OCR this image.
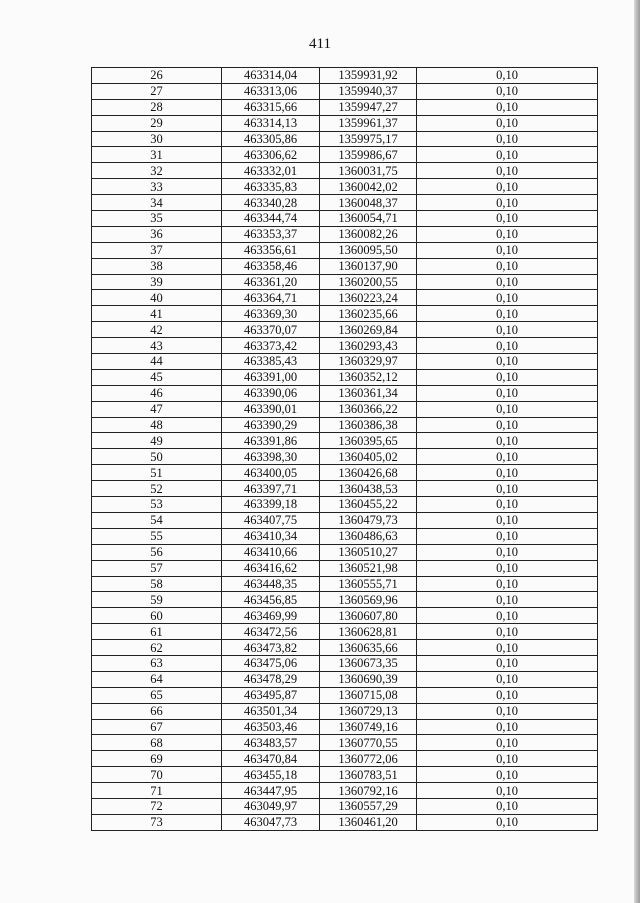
411
26	463314,04	1359931,92	0,10
27	463313,06	1359940,37	0,10
28	463315,66	1359947,27	0,10
29	463314,13	1359961,37	0,10
30	463305,86	1359975,17	0,10
31	463306,62	1359986,67	0,10
32	463332,01	1360031,75	0,10
33	463335,83	1360042,02	0,10
34	463340,28	1360048,37	0,10
35	463344,74	1360054,71	0,10
36	463353,37	1360082,26	0,10
37	463356,61	1360095,50	0,10
38	463358,46	1360137,90	0,10
39	463361,20	1360200,55	0,10
40	463364,71	1360223,24	0,10
41	463369,30	1360235,66	0,10
42	463370,07	1360269,84	0,10
43	463373,42	1360293,43	0,10
44	463385,43	1360329,97	0,10
45	463391,00	1360352,12	0,10
46	463390,06	1360361,34	0,10
47	463390,01	1360366,22	0,10
48	463390,29	1360386,38	0,10
49	463391,86	1360395,65	0,10
50	463398,30	1360405,02	0,10
51	463400,05	1360426,68	0,10
52	463397,71	1360438,53	0,10
53	463399,18	1360455,22	0,10
54	463407,75	1360479,73	0,10
55	463410,34	1360486,63	0,10
56	463410,66	1360510,27	0,10
57	463416,62	1360521,98	0,10
58	463448,35	1360555,71	0,10
59	463456,85	1360569,96	0,10
60	463469,99	1360607,80	0,10
61	463472,56	1360628,81	0,10
62	463473,82	1360635,66	0,10
63	463475,06	1360673,35	0,10
64	463478,29	1360690,39	0,10
65	463495,87	1360715,08	0,10
66	463501,34	1360729,13	0,10
67	463503,46	1360749,16	0,10
68	463483,57	1360770,55	0,10
69	463470,84	1360772,06	0,10
70	463455,18	1360783,51	0,10
71	463447,95	1360792,16	0,10
72	463049,97	1360557,29	0,10
73	463047,73	1360461,20	0,10
